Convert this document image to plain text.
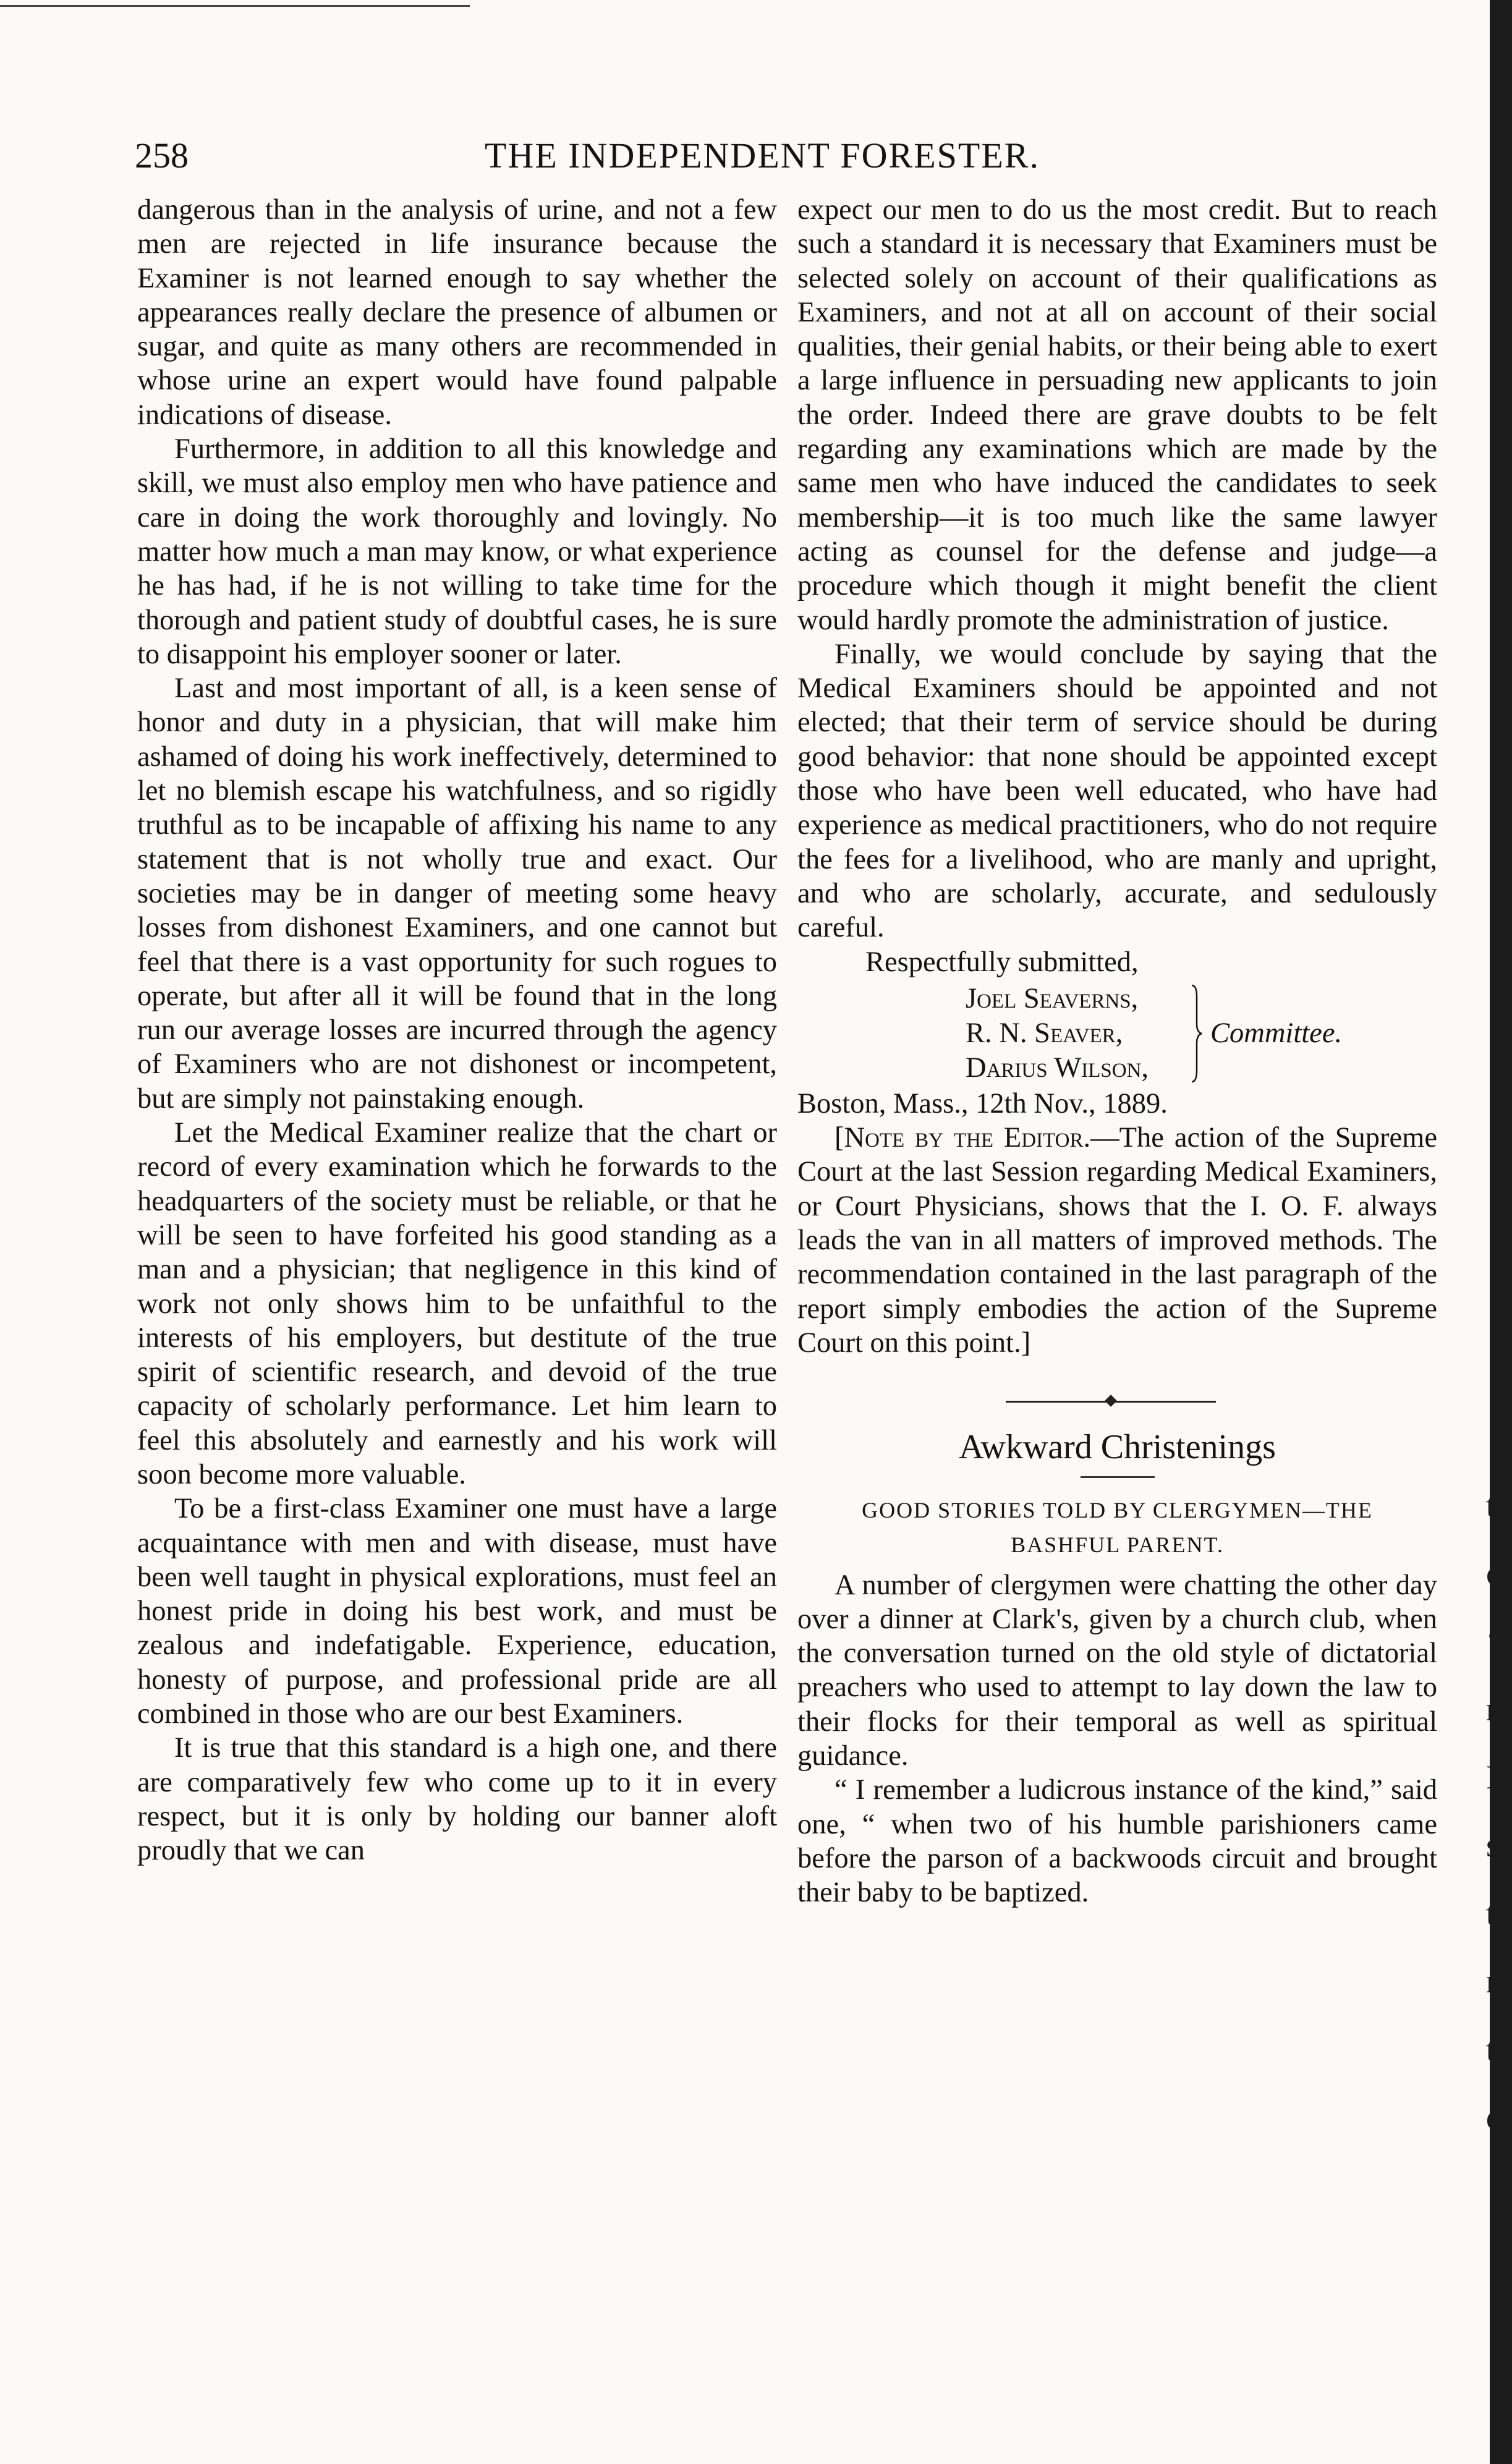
t
c
‘
r
I
s
tl
n
tl
d
258	THE INDEPENDENT FORESTER.

dangerous than in the analysis of urine, and not a few men are rejected in life insurance because the Examiner is not learned enough to say whether the appearances really declare the presence of albumen or sugar, and quite as many others are recommended in whose urine an expert would have found palpable indications of disease.

Furthermore, in addition to all this knowledge and skill, we must also employ men who have patience and care in doing the work thoroughly and lovingly. No matter how much a man may know, or what experience he has had, if he is not willing to take time for the thorough and patient study of doubtful cases, he is sure to disappoint his employer sooner or later.

Last and most important of all, is a keen sense of honor and duty in a physician, that will make him ashamed of doing his work ineffectively, determined to let no blemish escape his watchfulness, and so rigidly truthful as to be incapable of affixing his name to any statement that is not wholly true and exact. Our societies may be in danger of meeting some heavy losses from dishonest Examiners, and one cannot but feel that there is a vast opportunity for such rogues to operate, but after all it will be found that in the long run our average losses are incurred through the agency of Examiners who are not dishonest or incompetent, but are simply not painstaking enough.

Let the Medical Examiner realize that the chart or record of every examination which he forwards to the headquarters of the society must be reliable, or that he will be seen to have forfeited his good standing as a man and a physician; that negligence in this kind of work not only shows him to be unfaithful to the interests of his employers, but destitute of the true spirit of scientific research, and devoid of the true capacity of scholarly performance. Let him learn to feel this absolutely and earnestly and his work will soon become more valuable.

To be a first-class Examiner one must have a large acquaintance with men and with disease, must have been well taught in physical explorations, must feel an honest pride in doing his best work, and must be zealous and indefatigable. Experience, education, honesty of purpose, and professional pride are all combined in those who are our best Examiners.

It is true that this standard is a high one, and there are comparatively few who come up to it in every respect, but it is only by holding our banner aloft proudly that we can

expect our men to do us the most credit. But to reach such a standard it is necessary that Examiners must be selected solely on account of their qualifications as Examiners, and not at all on account of their social qualities, their genial habits, or their being able to exert a large influence in persuading new applicants to join the order. Indeed there are grave doubts to be felt regarding any examinations which are made by the same men who have induced the candidates to seek membership—it is too much like the same lawyer acting as counsel for the defense and judge—a procedure which though it might benefit the client would hardly promote the administration of justice.

Finally, we would conclude by saying that the Medical Examiners should be appointed and not elected; that their term of service should be during good behavior: that none should be appointed except those who have been well educated, who have had experience as medical practitioners, who do not require the fees for a livelihood, who are manly and upright, and who are scholarly, accurate, and sedulously careful.

Respectfully submitted,

Joel Seaverns,
R. N. Seaver,
Darius Wilson,
Committee.

Boston, Mass., 12th Nov., 1889.

[Note by the Editor.—The action of the Supreme Court at the last Session regarding Medical Examiners, or Court Physicians, shows that the I. O. F. always leads the van in all matters of improved methods. The recommendation contained in the last paragraph of the report simply embodies the action of the Supreme Court on this point.]

Awkward Christenings
GOOD STORIES TOLD BY CLERGYMEN—THE
BASHFUL PARENT.

A number of clergymen were chatting the other day over a dinner at Clark's, given by a church club, when the conversation turned on the old style of dictatorial preachers who used to attempt to lay down the law to their flocks for their temporal as well as spiritual guidance.

“ I remember a ludicrous instance of the kind,” said one, “ when two of his humble parishioners came before the parson of a backwoods circuit and brought their baby to be baptized.
